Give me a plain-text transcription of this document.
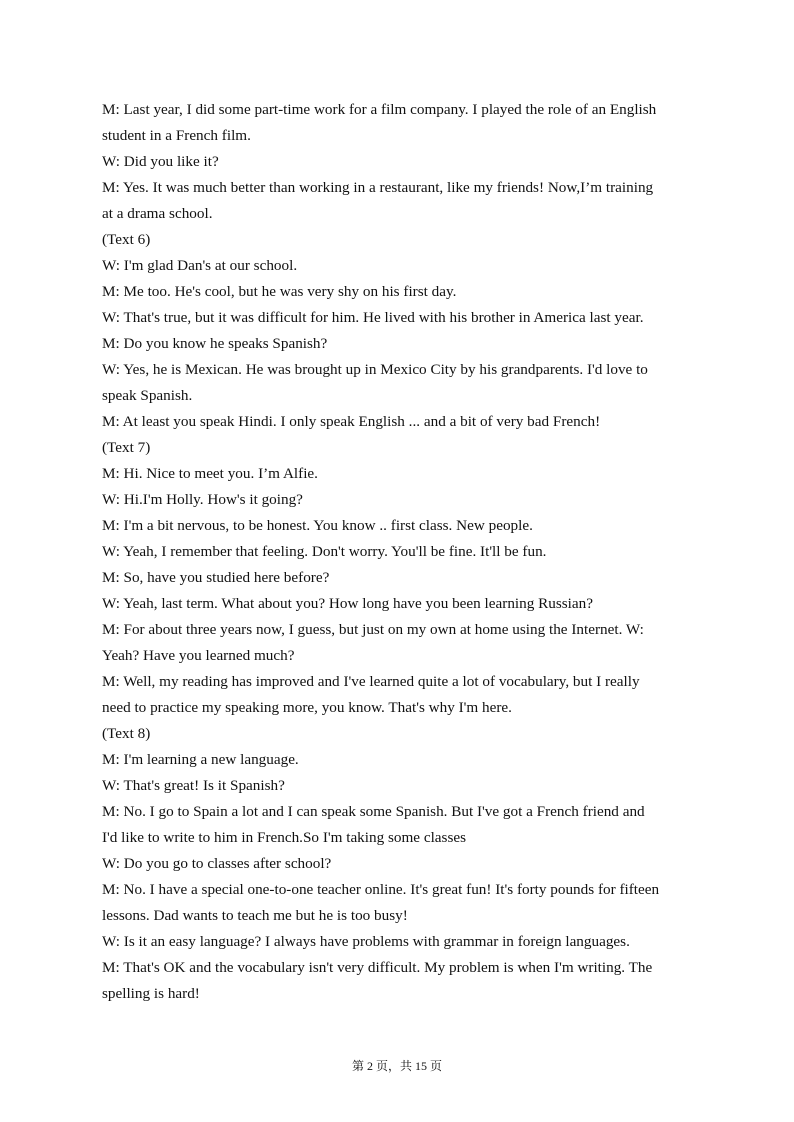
M: Last year, I did some part-time work for a film company. I played the role of an English

student in a French film.

W: Did you like it?

M: Yes. It was much better than working in a restaurant, like my friends! Now,I’m training

at a drama school.

(Text 6)

W: I'm glad Dan's at our school.

M: Me too. He's cool, but he was very shy on his first day.

W: That's true, but it was difficult for him. He lived with his brother in America last year.

M: Do you know he speaks Spanish?

W: Yes, he is Mexican. He was brought up in Mexico City by his grandparents. I'd love to

speak Spanish.

M: At least you speak Hindi. I only speak English ... and a bit of very bad French!

(Text 7)

M: Hi. Nice to meet you. I’m Alfie.

W: Hi.I'm Holly. How's it going?

M: I'm a bit nervous, to be honest. You know .. first class. New people.

W: Yeah, I remember that feeling. Don't worry. You'll be fine. It'll be fun.

M: So, have you studied here before?

W: Yeah, last term. What about you? How long have you been learning Russian?

M: For about three years now, I guess, but just on my own at home using the Internet. W:

Yeah? Have you learned much?

M: Well, my reading has improved and I've learned quite a lot of vocabulary, but I really

need to practice my speaking more, you know. That's why I'm here.

(Text 8)

M: I'm learning a new language.

W: That's great! Is it Spanish?

M: No. I go to Spain a lot and I can speak some Spanish. But I've got a French friend and

I'd like to write to him in French.So I'm taking some classes

W: Do you go to classes after school?

M: No. I have a special one-to-one teacher online. It's great fun! It's forty pounds for fifteen

lessons. Dad wants to teach me but he is too busy!

W: Is it an easy language? I always have problems with grammar in foreign languages.

M: That's OK and the vocabulary isn't very difficult. My problem is when I'm writing. The

spelling is hard!

第 2 页，共 15 页
